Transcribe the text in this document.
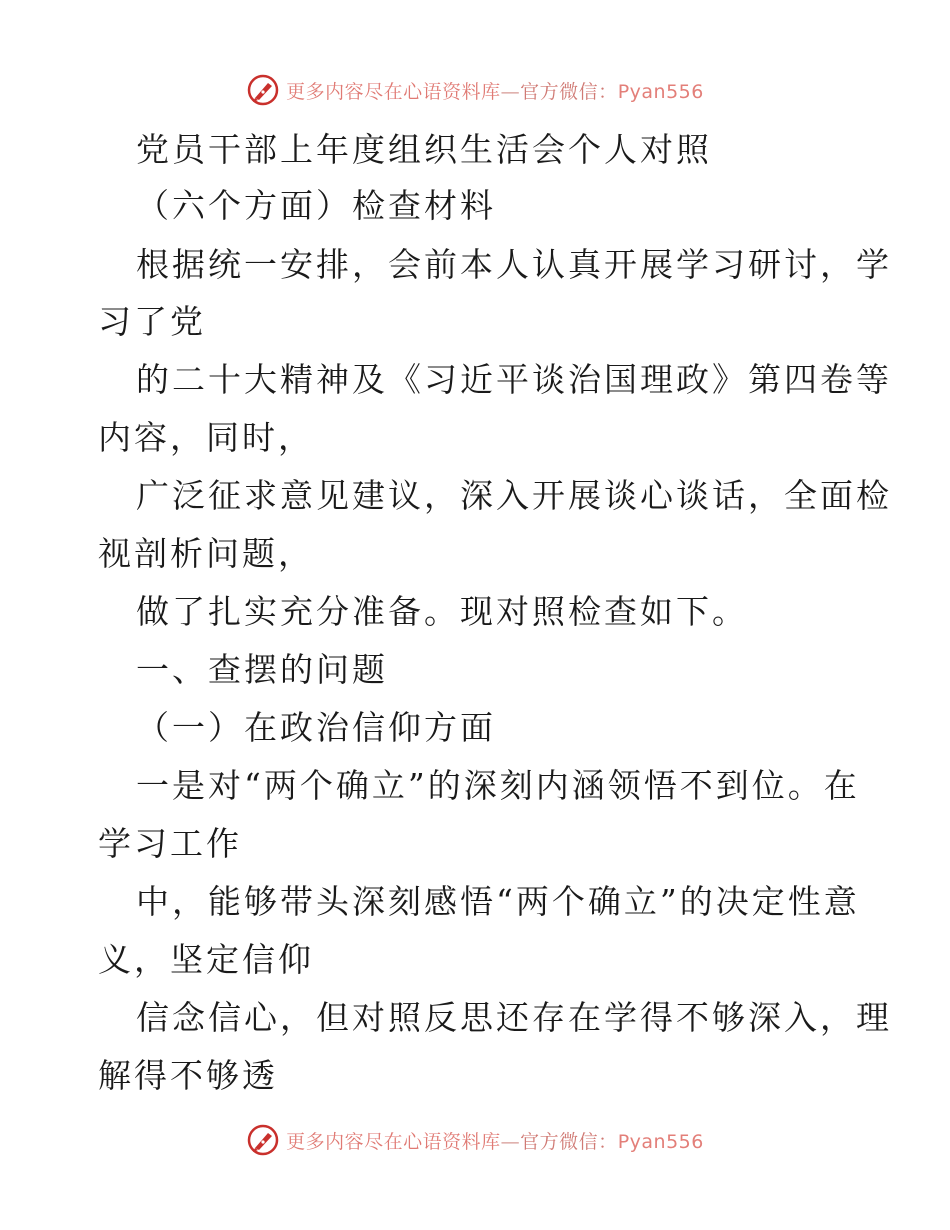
更多内容尽在心语资料库—官方微信：Pyan556
党员干部上年度组织生活会个人对照
（六个方面）检查材料
根据统一安排，会前本人认真开展学习研讨，学
习了党
的二十大精神及《习近平谈治国理政》第四卷等
内容，同时，
广泛征求意见建议，深入开展谈心谈话，全面检
视剖析问题，
做了扎实充分准备。现对照检查如下。
一、查摆的问题
（一）在政治信仰方面
一是对“两个确立”的深刻内涵领悟不到位。在
学习工作
中，能够带头深刻感悟“两个确立”的决定性意
义，坚定信仰
信念信心，但对照反思还存在学得不够深入，理
解得不够透
更多内容尽在心语资料库—官方微信：Pyan556
